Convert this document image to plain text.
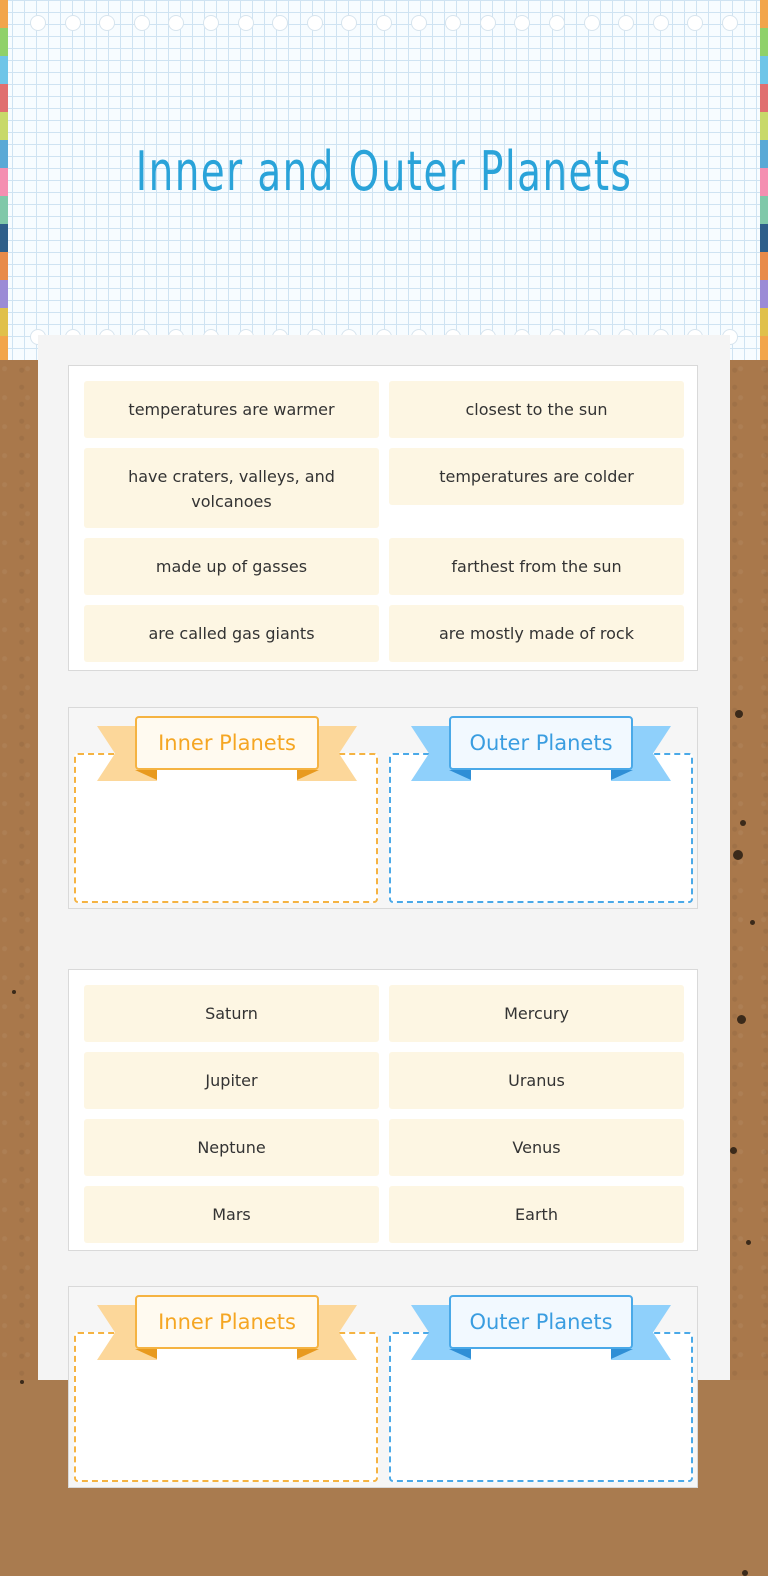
Inner and Outer Planets
temperatures are warmer	closest to the sun
have craters, valleys, and volcanoes
temperatures are colder
made up of gasses	farthest from the sun
are called gas giants	are mostly made of rock
Inner Planets	Outer Planets
Saturn	Mercury
Jupiter	Uranus
Neptune	Venus
Mars	Earth
Inner Planets	Outer Planets
